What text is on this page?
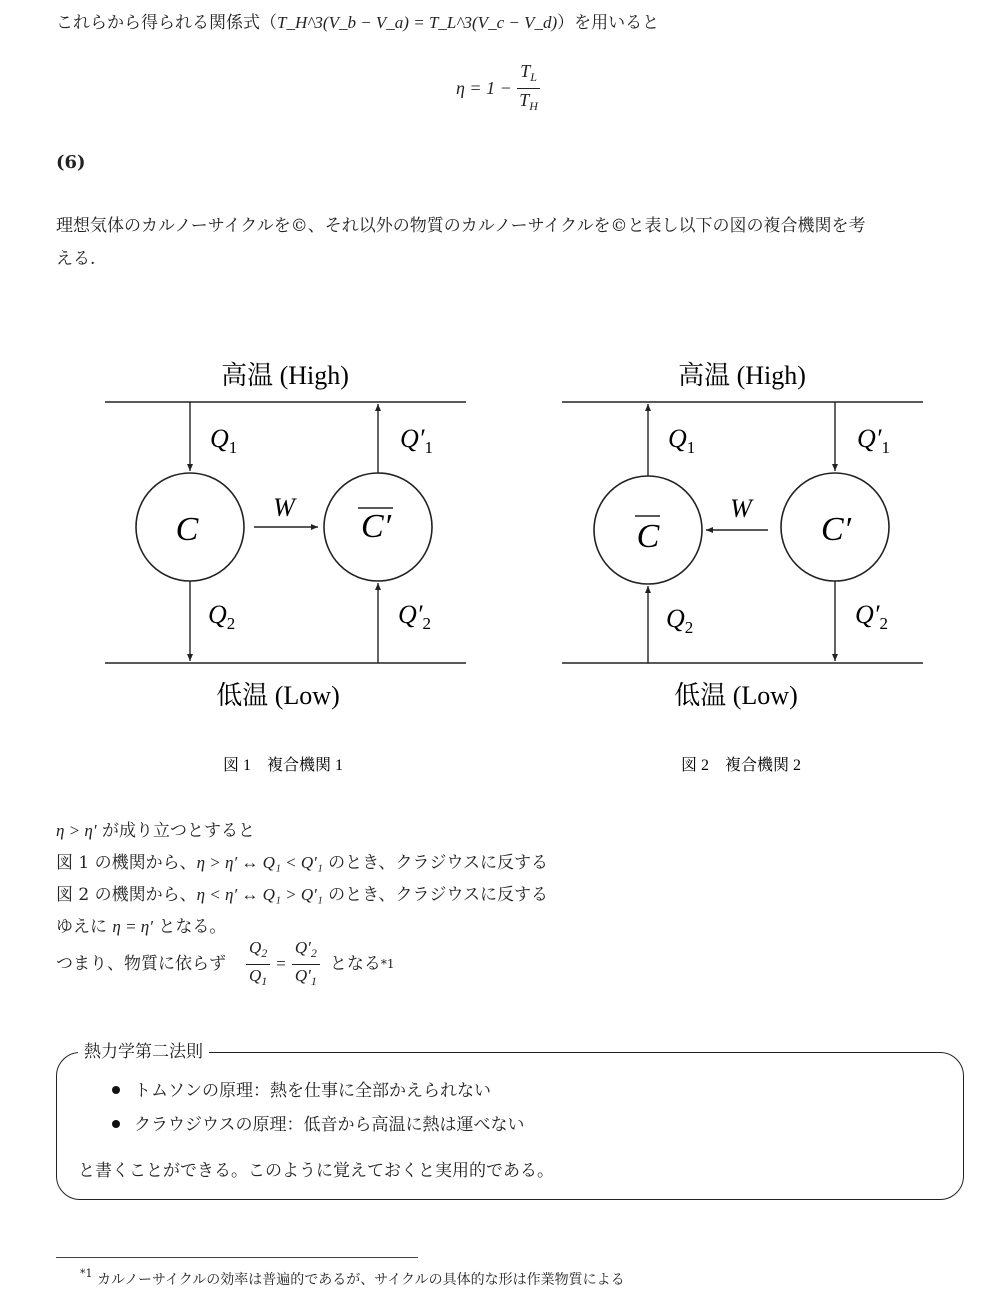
これらから得られる関係式（T_H^3(V_b − V_a) = T_L^3(V_c − V_d)）を用いると
$\eta = 1 - \frac{T_L}{T_H}$
(6)
理想気体のカルノーサイクルを©、それ以外の物質のカルノーサイクルを©と表し以下の図の複合機関を考
える.
高温 (High)
低温 (Low)
C	C′
$Q_1$
$Q_2$
W
$Q'_1$
$Q'_2$
図 1　複合機関 1
高温 (High)
低温 (Low)
C	C′
$Q_1$
$Q_2$
W
$Q'_1$
$Q'_2$
図 2　複合機関 2
η > η′ が成り立つとすると
図 1 の機関から、η > η′ ↔ Q₁ < Q′₁ のとき、クラジウスに反する
図 2 の機関から、η < η′ ↔ Q₁ > Q′₁ のとき、クラジウスに反する
ゆえに η = η′ となる。
つまり、物質に依らず $\frac{Q_2}{Q_1} = \frac{Q'_2}{Q'_1}$ となる *1
熱力学第二法則
トムソンの原理：熱を仕事に全部かえられない
クラウジウスの原理：低音から高温に熱は運べない
と書くことができる。このように覚えておくと実用的である。
$^{*1}$ カルノーサイクルの効率は普遍的であるが、サイクルの具体的な形は作業物質による
